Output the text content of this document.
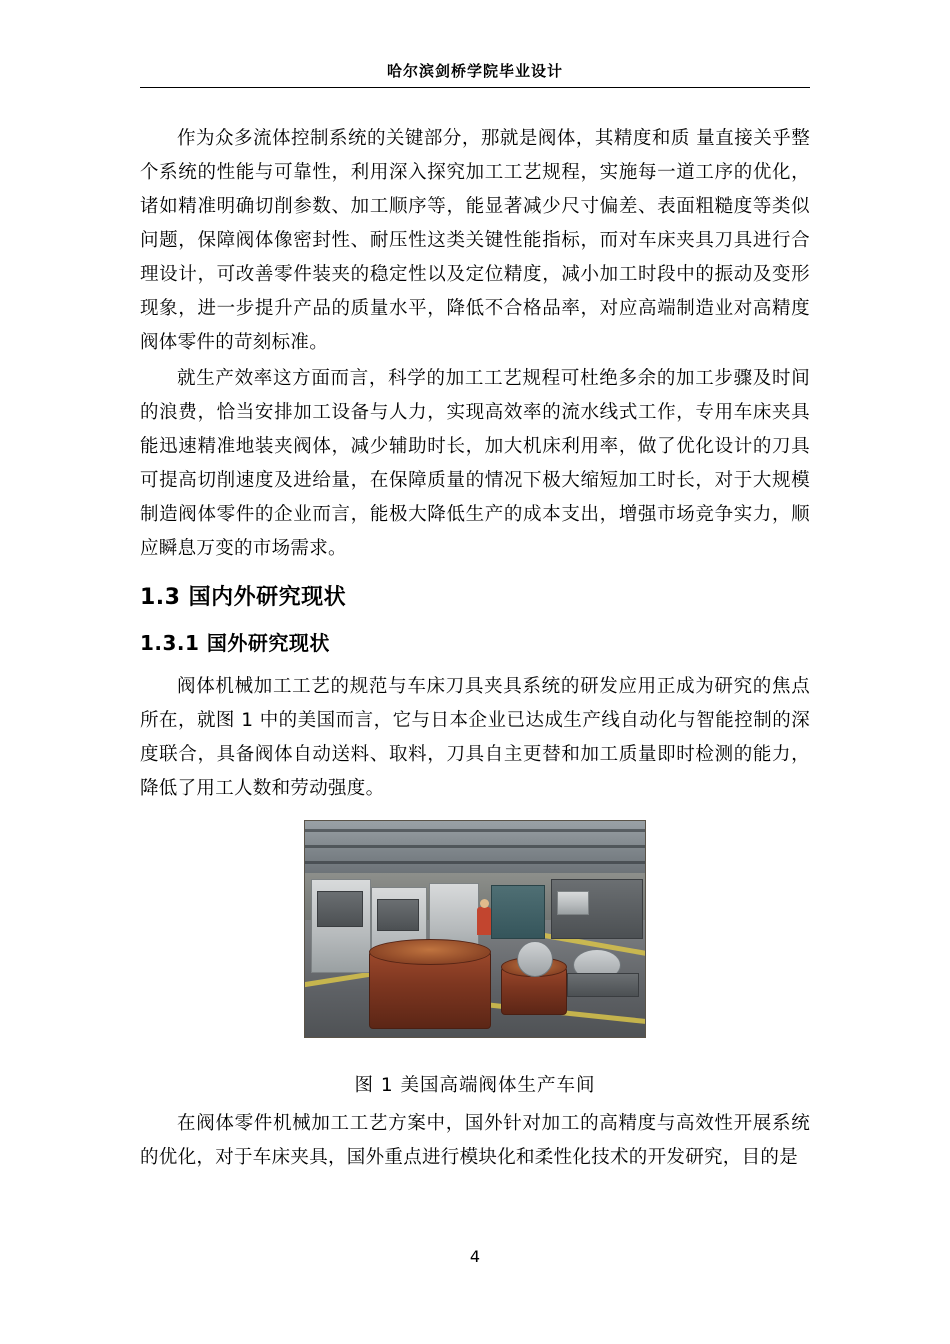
哈尔滨剑桥学院毕业设计

作为众多流体控制系统的关键部分，那就是阀体，其精度和质 量直接关乎整个系统的性能与可靠性，利用深入探究加工工艺规程，实施每一道工序的优化，诸如精准明确切削参数、加工顺序等，能显著减少尺寸偏差、表面粗糙度等类似问题，保障阀体像密封性、耐压性这类关键性能指标，而对车床夹具刀具进行合理设计，可改善零件装夹的稳定性以及定位精度，减小加工时段中的振动及变形现象，进一步提升产品的质量水平，降低不合格品率，对应高端制造业对高精度阀体零件的苛刻标准。

就生产效率这方面而言，科学的加工工艺规程可杜绝多余的加工步骤及时间 的浪费，恰当安排加工设备与人力，实现高效率的流水线式工作，专用车床夹具 能迅速精准地装夹阀体，减少辅助时长，加大机床利用率，做了优化设计的刀具 可提高切削速度及进给量，在保障质量的情况下极大缩短加工时长，对于大规模 制造阀体零件的企业而言，能极大降低生产的成本支出，增强市场竞争实力，顺 应瞬息万变的市场需求。

1.3 国内外研究现状
1.3.1 国外研究现状

阀体机械加工工艺的规范与车床刀具夹具系统的研发应用正成为研究的焦点所在，就图 1 中的美国而言，它与日本企业已达成生产线自动化与智能控制的深度联合，具备阀体自动送料、取料，刀具自主更替和加工质量即时检测的能力，降低了用工人数和劳动强度。

图 1 美国高端阀体生产车间

在阀体零件机械加工工艺方案中，国外针对加工的高精度与高效性开展系统 的优化，对于车床夹具，国外重点进行模块化和柔性化技术的开发研究，目的是

4
